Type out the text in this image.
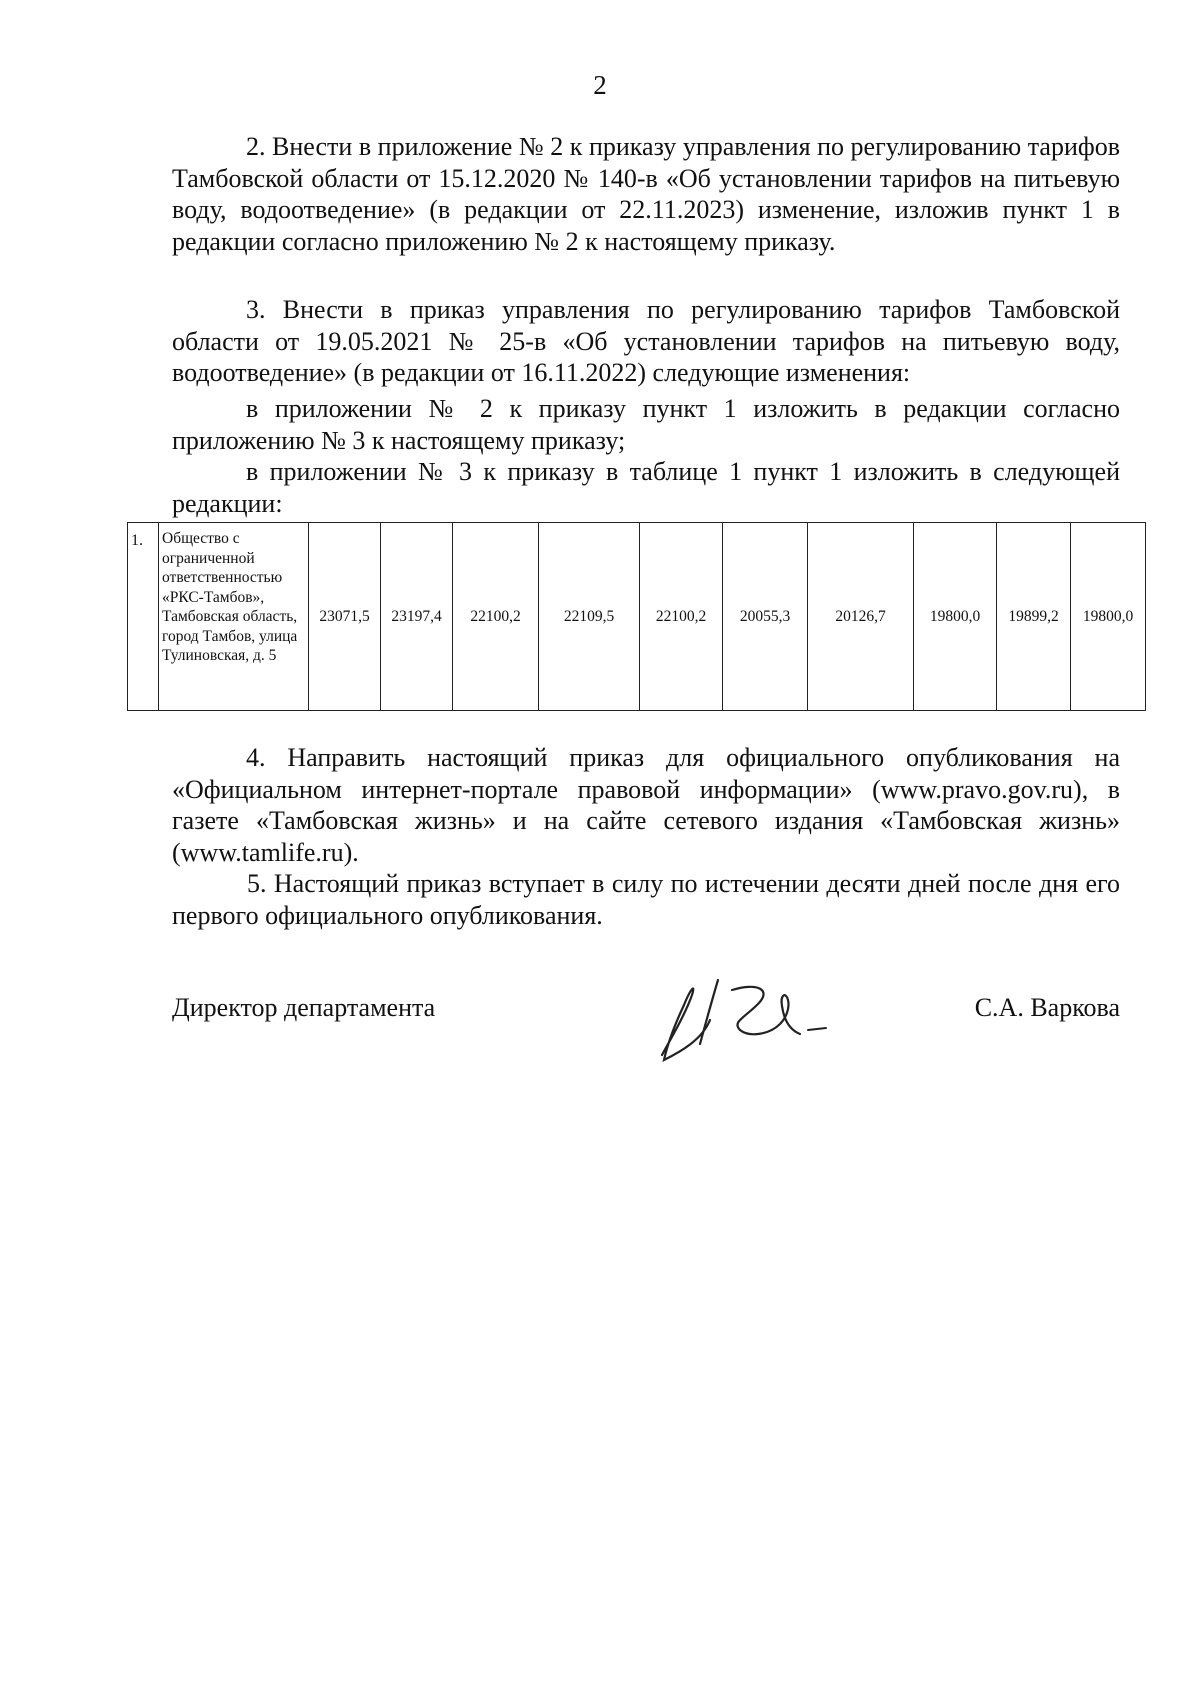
2

2. Внести в приложение № 2 к приказу управления по регулированию тарифов Тамбовской области от 15.12.2020 № 140-в «Об установлении тарифов на питьевую воду, водоотведение» (в редакции от 22.11.2023) изменение, изложив пункт 1 в редакции согласно приложению № 2 к настоящему приказу.

3. Внести в приказ управления по регулированию тарифов Тамбовской области от 19.05.2021 № 25-в «Об установлении тарифов на питьевую воду, водоотведение» (в редакции от 16.11.2022) следующие изменения:

в приложении № 2 к приказу пункт 1 изложить в редакции согласно приложению № 3 к настоящему приказу;

в приложении № 3 к приказу в таблице 1 пункт 1 изложить в следующей редакции:

1.	Общество с ограниченной ответственностью «РКС-Тамбов», Тамбовская область, город Тамбов, улица Тулиновская, д. 5	23071,5	23197,4	22100,2	22109,5	22100,2	20055,3	20126,7	19800,0	19899,2	19800,0

4. Направить настоящий приказ для официального опубликования на «Официальном интернет-портале правовой информации» (www.pravo.gov.ru), в газете «Тамбовская жизнь» и на сайте сетевого издания «Тамбовская жизнь» (www.tamlife.ru).

5. Настоящий приказ вступает в силу по истечении десяти дней после дня его первого официального опубликования.

Директор департамента	С.А. Варкова
